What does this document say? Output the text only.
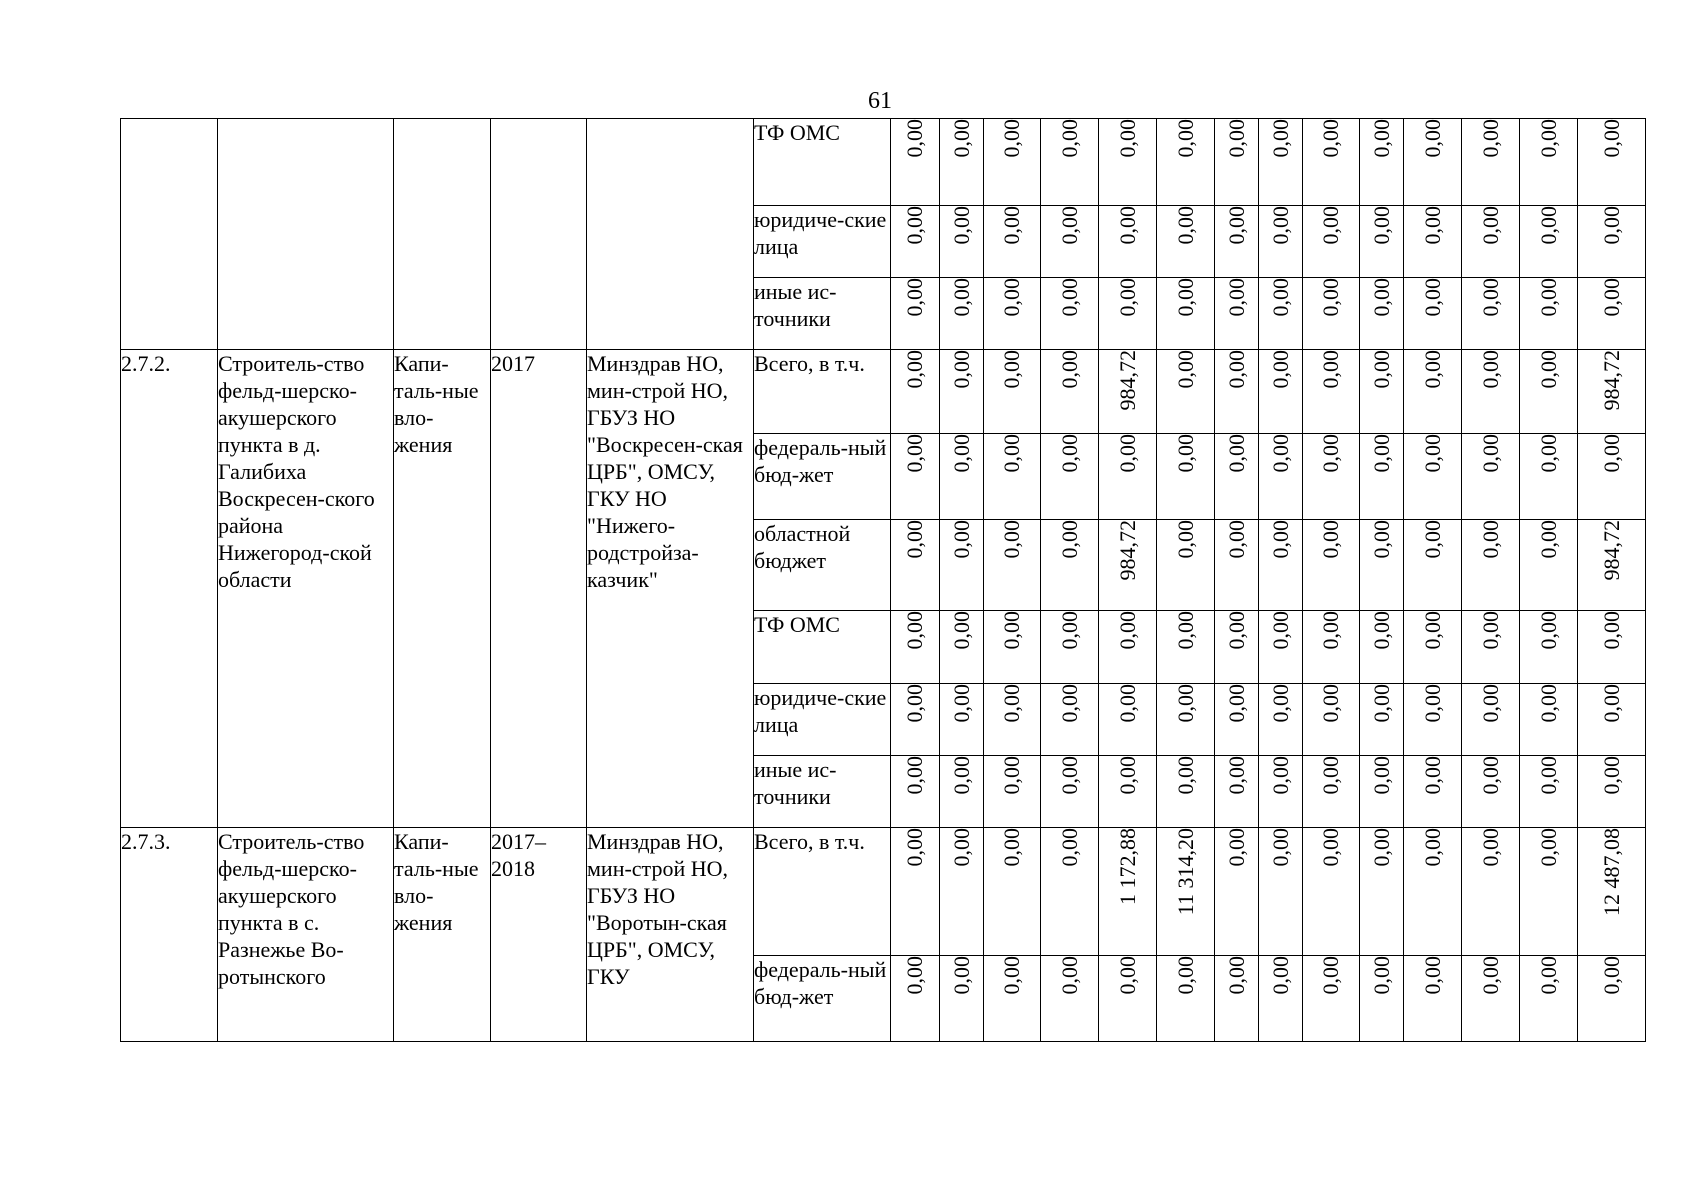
61
					ТФ ОМС	0,00	0,00	0,00	0,00	0,00	0,00	0,00	0,00	0,00	0,00	0,00	0,00	0,00	0,00
					юридиче-ские лица	0,00	0,00	0,00	0,00	0,00	0,00	0,00	0,00	0,00	0,00	0,00	0,00	0,00	0,00
					иные ис-точники	0,00	0,00	0,00	0,00	0,00	0,00	0,00	0,00	0,00	0,00	0,00	0,00	0,00	0,00
2.7.2.	Строитель-ство фельд-шерско-акушерского пункта в д. Галибиха Воскресен-ского района Нижегород-ской области	Капи-таль-ные вло-жения	2017	Минздрав НО, мин-строй НО, ГБУЗ НО "Воскресен-ская ЦРБ", ОМСУ, ГКУ НО "Нижего-родстройза-казчик"	Всего, в т.ч.	0,00	0,00	0,00	0,00	984,72	0,00	0,00	0,00	0,00	0,00	0,00	0,00	0,00	984,72
					федераль-ный бюд-жет	0,00	0,00	0,00	0,00	0,00	0,00	0,00	0,00	0,00	0,00	0,00	0,00	0,00	0,00
					областной бюджет	0,00	0,00	0,00	0,00	984,72	0,00	0,00	0,00	0,00	0,00	0,00	0,00	0,00	984,72
					ТФ ОМС	0,00	0,00	0,00	0,00	0,00	0,00	0,00	0,00	0,00	0,00	0,00	0,00	0,00	0,00
					юридиче-ские лица	0,00	0,00	0,00	0,00	0,00	0,00	0,00	0,00	0,00	0,00	0,00	0,00	0,00	0,00
					иные ис-точники	0,00	0,00	0,00	0,00	0,00	0,00	0,00	0,00	0,00	0,00	0,00	0,00	0,00	0,00
2.7.3.	Строитель-ство фельд-шерско-акушерского пункта в с. Разнежье Во-ротынского	Капи-таль-ные вло-жения	2017–2018	Минздрав НО, мин-строй НО, ГБУЗ НО "Воротын-ская ЦРБ", ОМСУ, ГКУ	Всего, в т.ч.	0,00	0,00	0,00	0,00	1 172,88	11 314,20	0,00	0,00	0,00	0,00	0,00	0,00	0,00	12 487,08
					федераль-ный бюд-жет	0,00	0,00	0,00	0,00	0,00	0,00	0,00	0,00	0,00	0,00	0,00	0,00	0,00	0,00
